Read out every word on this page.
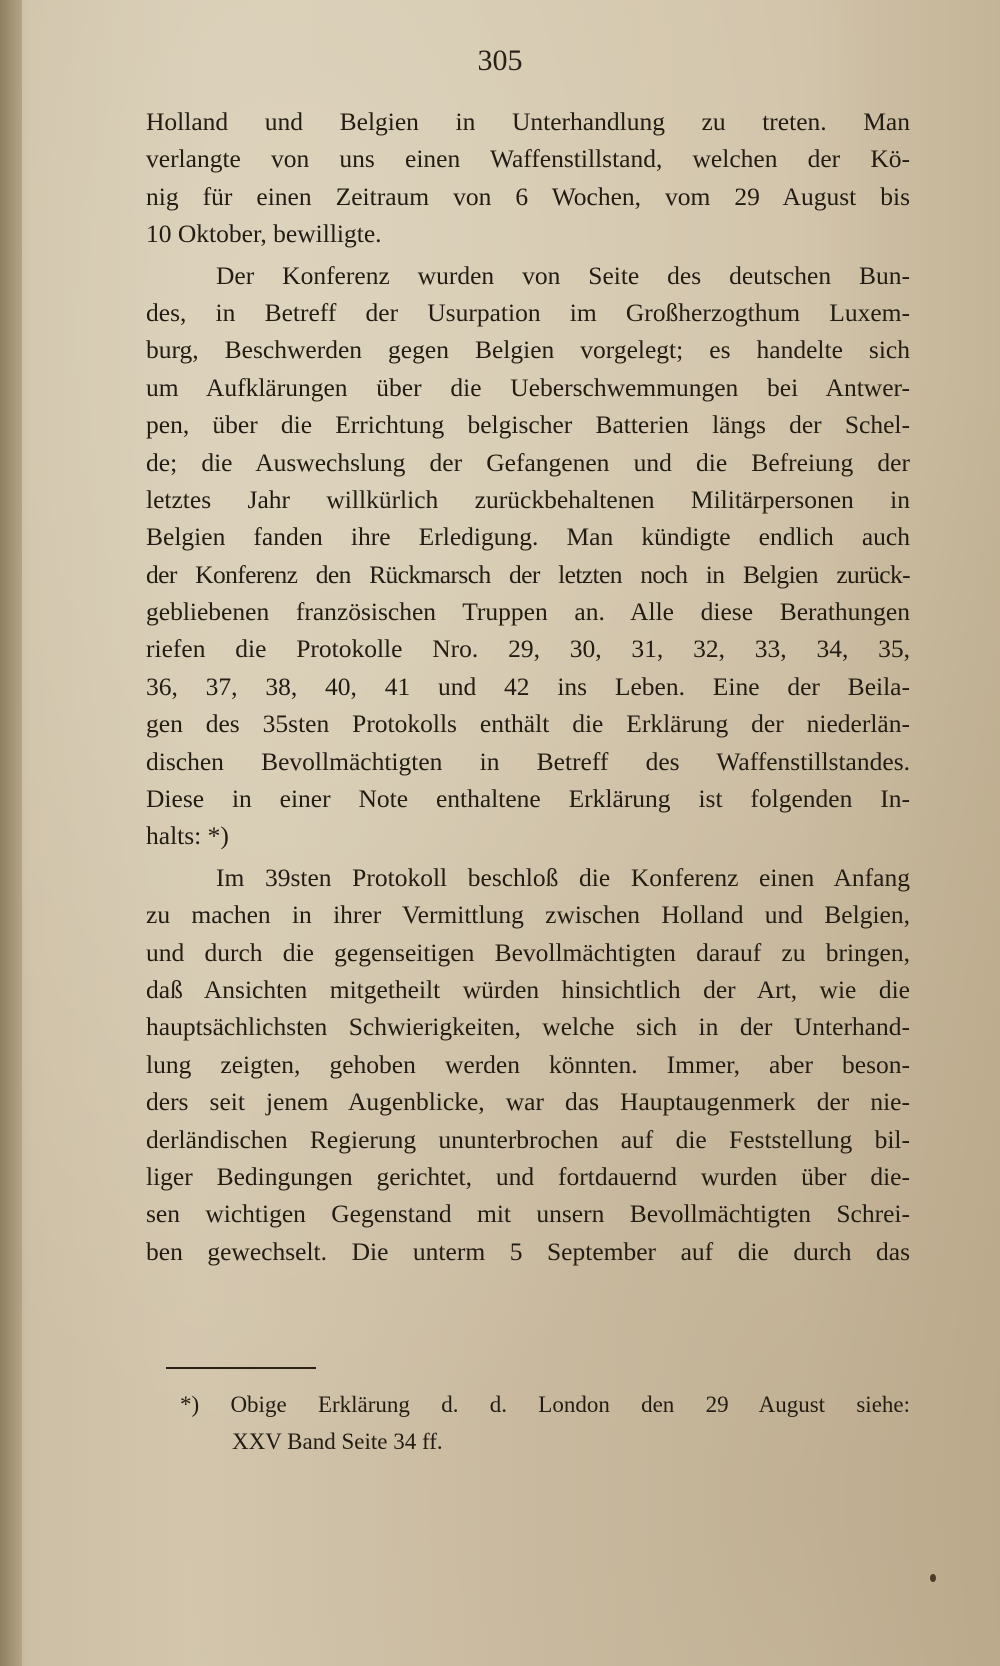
305
Holland und Belgien in Unterhandlung zu treten. Man
verlangte von uns einen Waffenstillstand, welchen der Kö-
nig für einen Zeitraum von 6 Wochen, vom 29 August bis
10 Oktober, bewilligte.
Der Konferenz wurden von Seite des deutschen Bun-
des, in Betreff der Usurpation im Großherzogthum Luxem-
burg, Beschwerden gegen Belgien vorgelegt; es handelte sich
um Aufklärungen über die Ueberschwemmungen bei Antwer-
pen, über die Errichtung belgischer Batterien längs der Schel-
de; die Auswechslung der Gefangenen und die Befreiung der
letztes Jahr willkürlich zurückbehaltenen Militärpersonen in
Belgien fanden ihre Erledigung. Man kündigte endlich auch
der Konferenz den Rückmarsch der letzten noch in Belgien zurück-
gebliebenen französischen Truppen an. Alle diese Berathungen
riefen die Protokolle Nro. 29, 30, 31, 32, 33, 34, 35,
36, 37, 38, 40, 41 und 42 ins Leben. Eine der Beila-
gen des 35sten Protokolls enthält die Erklärung der niederlän-
dischen Bevollmächtigten in Betreff des Waffenstillstandes.
Diese in einer Note enthaltene Erklärung ist folgenden In-
halts: *)
Im 39sten Protokoll beschloß die Konferenz einen Anfang
zu machen in ihrer Vermittlung zwischen Holland und Belgien,
und durch die gegenseitigen Bevollmächtigten darauf zu bringen,
daß Ansichten mitgetheilt würden hinsichtlich der Art, wie die
hauptsächlichsten Schwierigkeiten, welche sich in der Unterhand-
lung zeigten, gehoben werden könnten. Immer, aber beson-
ders seit jenem Augenblicke, war das Hauptaugenmerk der nie-
derländischen Regierung ununterbrochen auf die Feststellung bil-
liger Bedingungen gerichtet, und fortdauernd wurden über die-
sen wichtigen Gegenstand mit unsern Bevollmächtigten Schrei-
ben gewechselt. Die unterm 5 September auf die durch das
*) Obige Erklärung d. d. London den 29 August siehe:
XXV Band Seite 34 ff.
